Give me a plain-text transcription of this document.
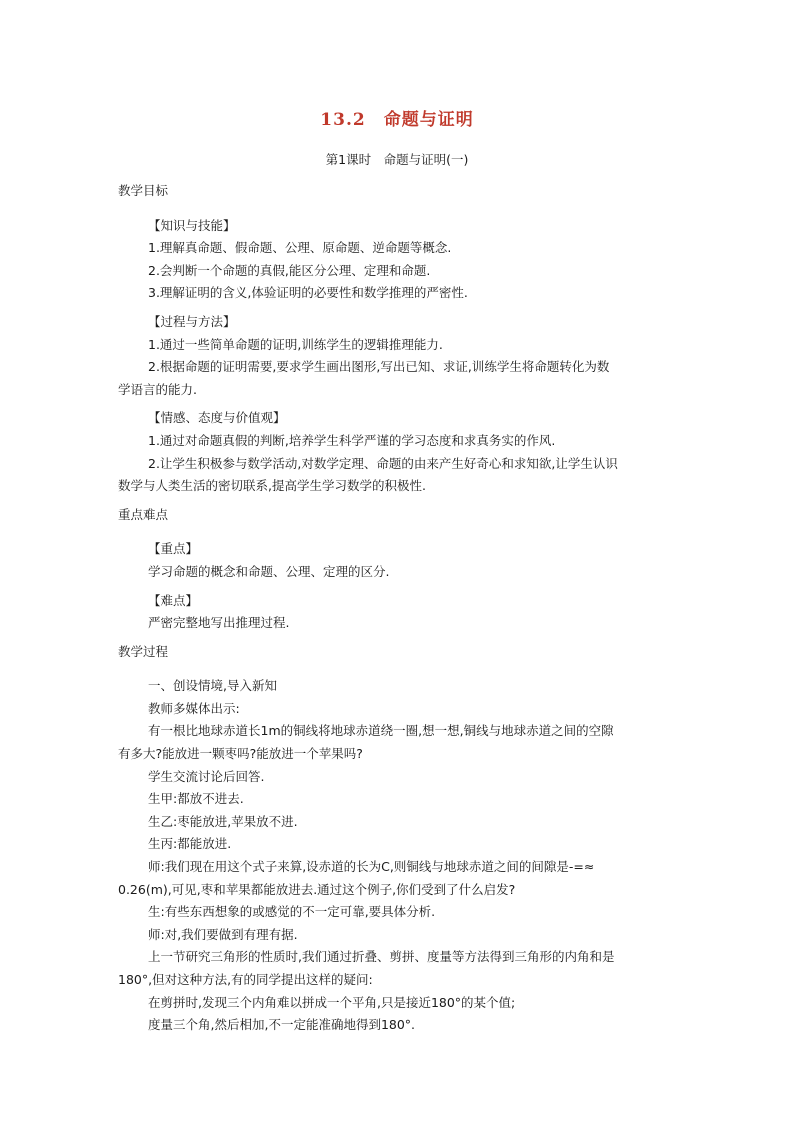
13.2　命题与证明
第1课时　命题与证明(一)

教学目标

【知识与技能】

1.理解真命题、假命题、公理、原命题、逆命题等概念.

2.会判断一个命题的真假,能区分公理、定理和命题.

3.理解证明的含义,体验证明的必要性和数学推理的严密性.

【过程与方法】

1.通过一些简单命题的证明,训练学生的逻辑推理能力.

2.根据命题的证明需要,要求学生画出图形,写出已知、求证,训练学生将命题转化为数

学语言的能力.

【情感、态度与价值观】

1.通过对命题真假的判断,培养学生科学严谨的学习态度和求真务实的作风.

2.让学生积极参与数学活动,对数学定理、命题的由来产生好奇心和求知欲,让学生认识

数学与人类生活的密切联系,提高学生学习数学的积极性.

重点难点

【重点】

学习命题的概念和命题、公理、定理的区分.

【难点】

严密完整地写出推理过程.

教学过程

一、创设情境,导入新知

教师多媒体出示:

有一根比地球赤道长1m的铜线将地球赤道绕一圈,想一想,铜线与地球赤道之间的空隙

有多大?能放进一颗枣吗?能放进一个苹果吗?

学生交流讨论后回答.

生甲:都放不进去.

生乙:枣能放进,苹果放不进.

生丙:都能放进.

师:我们现在用这个式子来算,设赤道的长为C,则铜线与地球赤道之间的间隙是-=≈

0.26(m),可见,枣和苹果都能放进去.通过这个例子,你们受到了什么启发?

生:有些东西想象的或感觉的不一定可靠,要具体分析.

师:对,我们要做到有理有据.

上一节研究三角形的性质时,我们通过折叠、剪拼、度量等方法得到三角形的内角和是

180°,但对这种方法,有的同学提出这样的疑问:

在剪拼时,发现三个内角难以拼成一个平角,只是接近180°的某个值;

度量三个角,然后相加,不一定能准确地得到180°.
